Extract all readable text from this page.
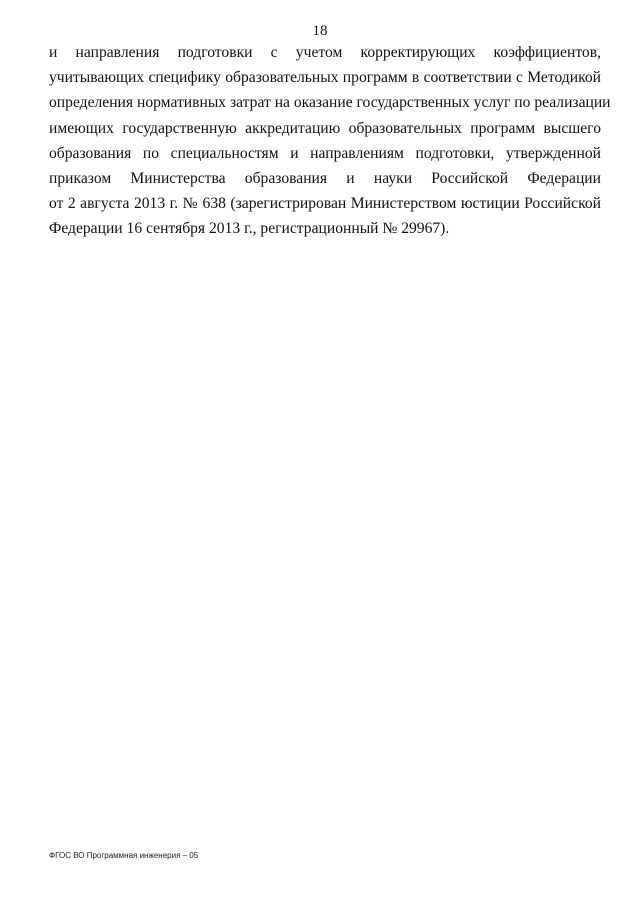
18
и направления подготовки с учетом корректирующих коэффициентов,
учитывающих специфику образовательных программ в соответствии с Методикой
определения нормативных затрат на оказание государственных услуг по реализации
имеющих государственную аккредитацию образовательных программ высшего
образования по специальностям и направлениям подготовки, утвержденной
приказом Министерства образования и науки Российской Федерации
от 2 августа 2013 г. № 638 (зарегистрирован Министерством юстиции Российской
Федерации 16 сентября 2013 г., регистрационный № 29967).
ФГОС ВО Программная инженерия – 05
